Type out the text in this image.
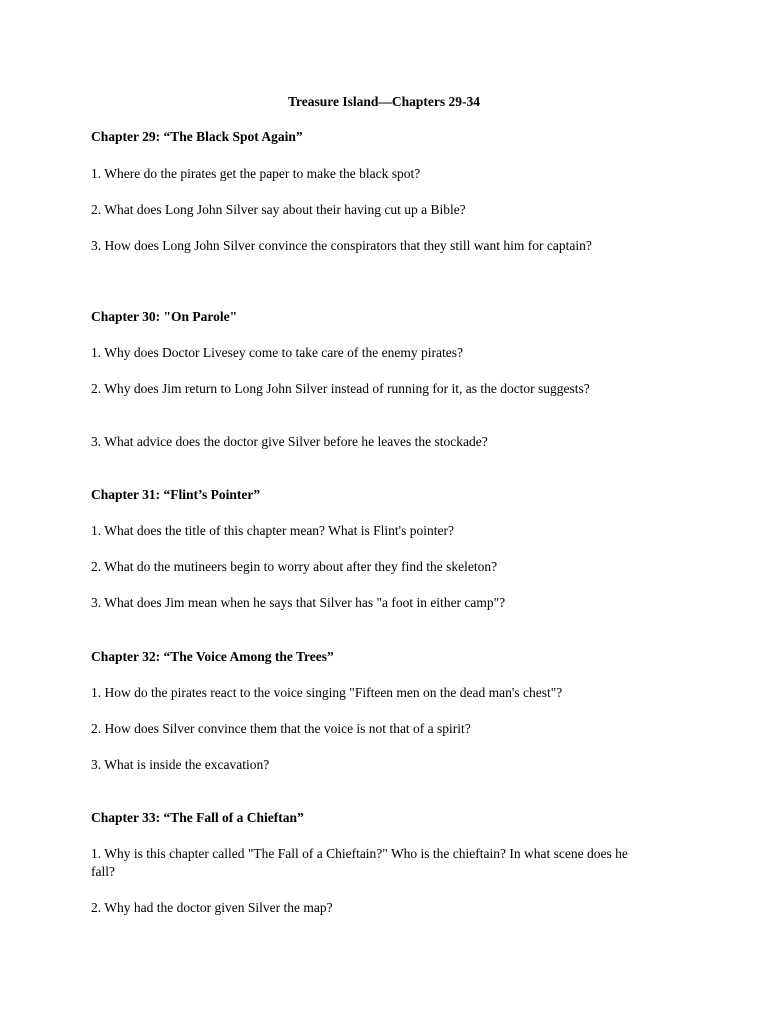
Treasure Island—Chapters 29-34

Chapter 29: “The Black Spot Again”

1. Where do the pirates get the paper to make the black spot?

2. What does Long John Silver say about their having cut up a Bible?

3. How does Long John Silver convince the conspirators that they still want him for captain?

Chapter 30: "On Parole"

1. Why does Doctor Livesey come to take care of the enemy pirates?

2. Why does Jim return to Long John Silver instead of running for it, as the doctor suggests?

3. What advice does the doctor give Silver before he leaves the stockade?

Chapter 31: “Flint’s Pointer”

1. What does the title of this chapter mean? What is Flint's pointer?

2. What do the mutineers begin to worry about after they find the skeleton?

3. What does Jim mean when he says that Silver has "a foot in either camp"?

Chapter 32: “The Voice Among the Trees”

1. How do the pirates react to the voice singing "Fifteen men on the dead man's chest"?

2. How does Silver convince them that the voice is not that of a spirit?

3. What is inside the excavation?

Chapter 33: “The Fall of a Chieftan”

1. Why is this chapter called "The Fall of a Chieftain?" Who is the chieftain? In what scene does he fall?

2. Why had the doctor given Silver the map?
